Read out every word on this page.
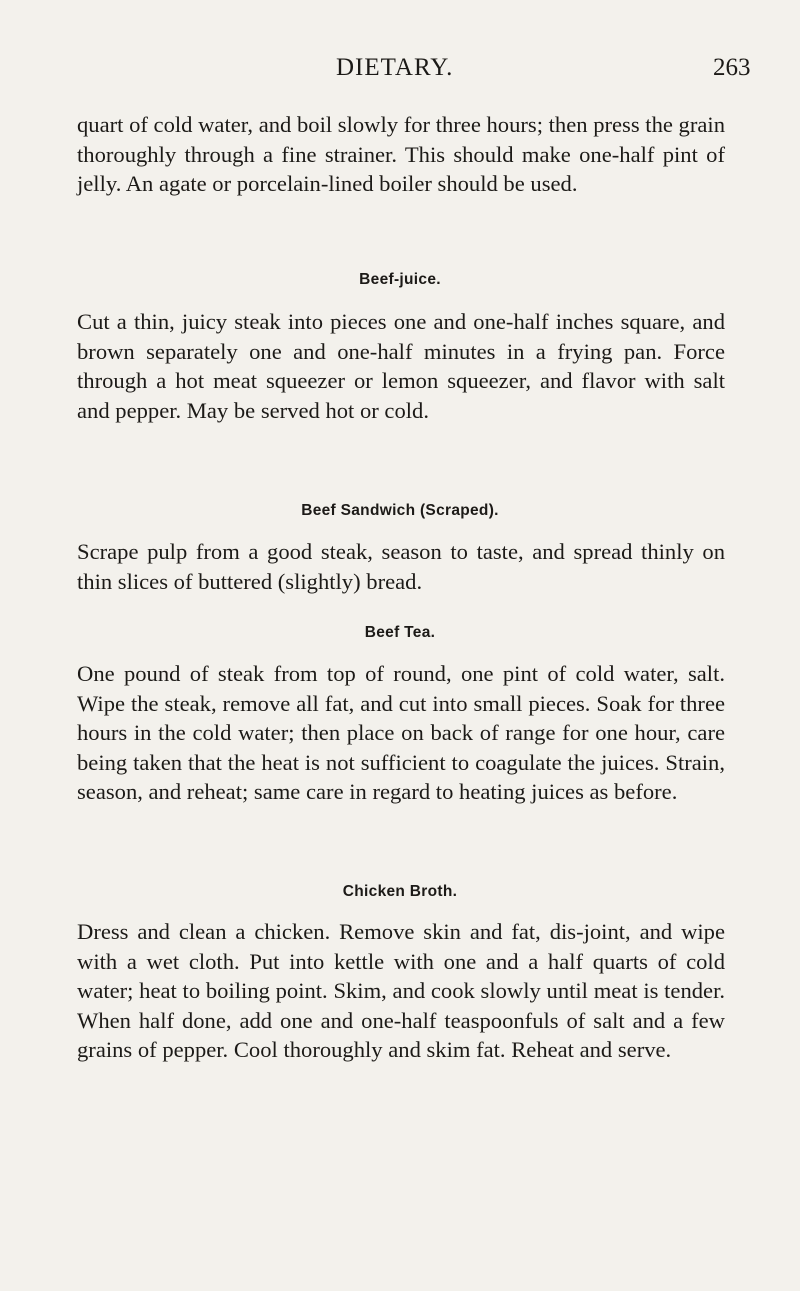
DIETARY.	263

quart of cold water, and boil slowly for three hours; then press the grain thoroughly through a fine strainer. This should make one-half pint of jelly. An agate or porcelain-lined boiler should be used.

Beef-juice.

Cut a thin, juicy steak into pieces one and one-half inches square, and brown separately one and one-half minutes in a frying pan. Force through a hot meat squeezer or lemon squeezer, and flavor with salt and pepper. May be served hot or cold.

Beef Sandwich (Scraped).

Scrape pulp from a good steak, season to taste, and spread thinly on thin slices of buttered (slightly) bread.

Beef Tea.

One pound of steak from top of round, one pint of cold water, salt. Wipe the steak, remove all fat, and cut into small pieces. Soak for three hours in the cold water; then place on back of range for one hour, care being taken that the heat is not sufficient to coagulate the juices. Strain, season, and reheat; same care in regard to heating juices as before.

Chicken Broth.

Dress and clean a chicken. Remove skin and fat, dis-joint, and wipe with a wet cloth. Put into kettle with one and a half quarts of cold water; heat to boiling point. Skim, and cook slowly until meat is tender. When half done, add one and one-half teaspoonfuls of salt and a few grains of pepper. Cool thoroughly and skim fat. Reheat and serve.
